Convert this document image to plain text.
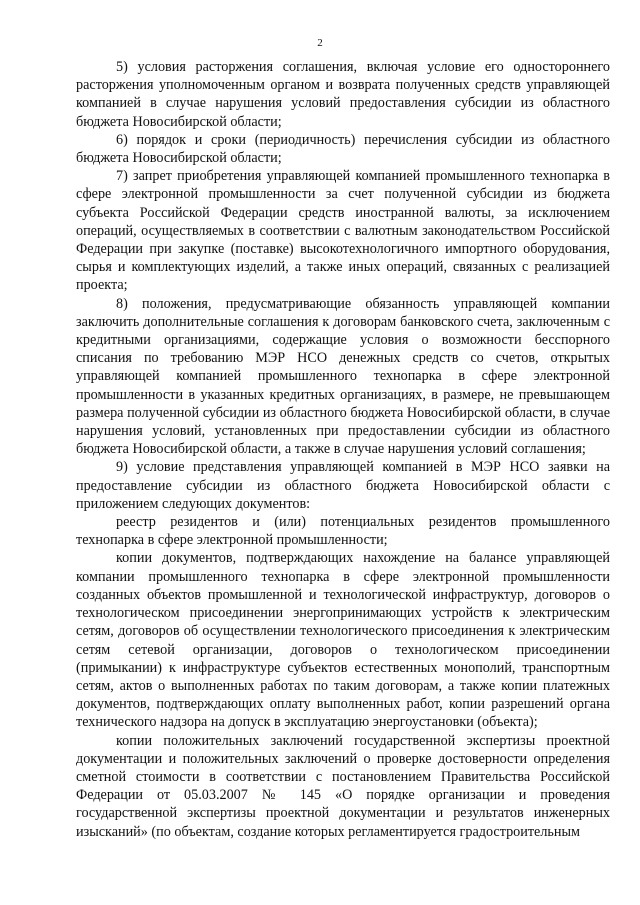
2

5) условия расторжения соглашения, включая условие его одностороннего расторжения уполномоченным органом и возврата полученных средств управляющей компанией в случае нарушения условий предоставления субсидии из областного бюджета Новосибирской области;

6) порядок и сроки (периодичность) перечисления субсидии из областного бюджета Новосибирской области;

7) запрет приобретения управляющей компанией промышленного технопарка в сфере электронной промышленности за счет полученной субсидии из бюджета субъекта Российской Федерации средств иностранной валюты, за исключением операций, осуществляемых в соответствии с валютным законодательством Российской Федерации при закупке (поставке) высокотехнологичного импортного оборудования, сырья и комплектующих изделий, а также иных операций, связанных с реализацией проекта;

8) положения, предусматривающие обязанность управляющей компании заключить дополнительные соглашения к договорам банковского счета, заключенным с кредитными организациями, содержащие условия о возможности бесспорного списания по требованию МЭР НСО денежных средств со счетов, открытых управляющей компанией промышленного технопарка в сфере электронной промышленности в указанных кредитных организациях, в размере, не превышающем размера полученной субсидии из областного бюджета Новосибирской области, в случае нарушения условий, установленных при предоставлении субсидии из областного бюджета Новосибирской области, а также в случае нарушения условий соглашения;

9) условие представления управляющей компанией в МЭР НСО заявки на предоставление субсидии из областного бюджета Новосибирской области с приложением следующих документов:

реестр резидентов и (или) потенциальных резидентов промышленного технопарка в сфере электронной промышленности;

копии документов, подтверждающих нахождение на балансе управляющей компании промышленного технопарка в сфере электронной промышленности созданных объектов промышленной и технологической инфраструктур, договоров о технологическом присоединении энергопринимающих устройств к электрическим сетям, договоров об осуществлении технологического присоединения к электрическим сетям сетевой организации, договоров о технологическом присоединении (примыкании) к инфраструктуре субъектов естественных монополий, транспортным сетям, актов о выполненных работах по таким договорам, а также копии платежных документов, подтверждающих оплату выполненных работ, копии разрешений органа технического надзора на допуск в эксплуатацию энергоустановки (объекта);

копии положительных заключений государственной экспертизы проектной документации и положительных заключений о проверке достоверности определения сметной стоимости в соответствии с постановлением Правительства Российской Федерации от 05.03.2007 № 145 «О порядке организации и проведения государственной экспертизы проектной документации и результатов инженерных изысканий» (по объектам, создание которых регламентируется градостроительным
